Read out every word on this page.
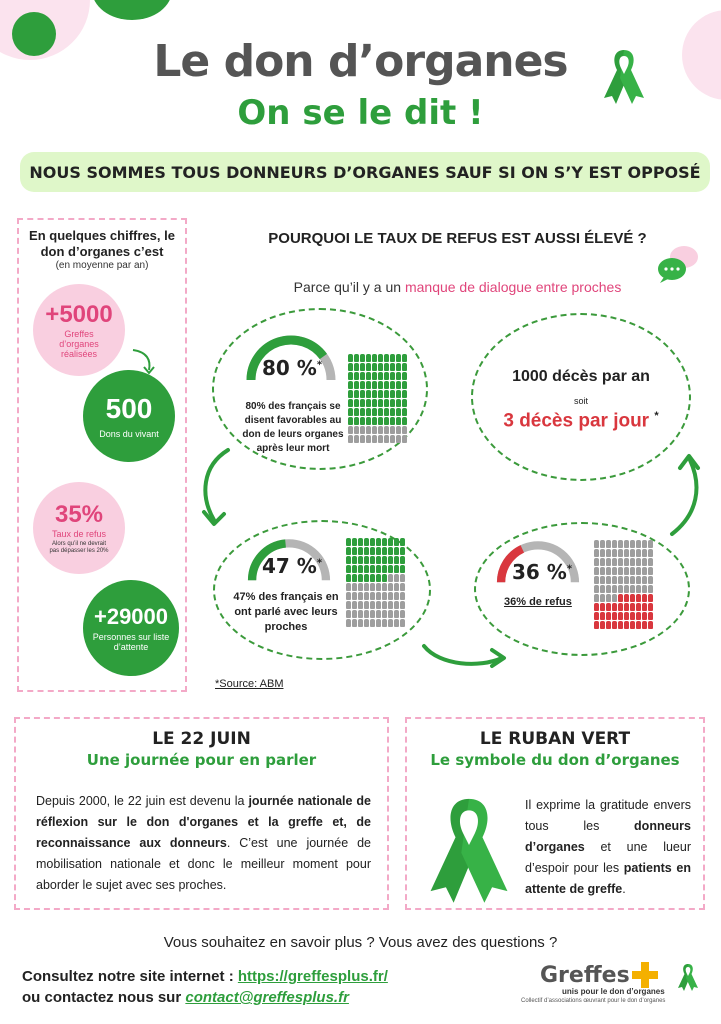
Le don d’organes
On se le dit !
NOUS SOMMES TOUS DONNEURS D’ORGANES SAUF SI ON S’Y EST OPPOSÉ
En quelques chiffres, le don d’organes c’est
(en moyenne par an)
+5000
Greffes d’organes réalisées
500
Dons du vivant
35%
Taux de refus
Alors qu’il ne devrait pas dépasser les 20%
+29000
Personnes sur liste d’attente
POURQUOI LE TAUX DE REFUS EST AUSSI ÉLEVÉ ?
Parce qu’il y a un manque de dialogue entre proches
80 %*
80% des français se disent favorables au don de leurs organes après leur mort
1000 décès par an
soit
3 décès par jour *
47 %*
47% des français en ont parlé avec leurs proches
36 %*
36% de refus
*Source: ABM
LE 22 JUIN
Une journée pour en parler

Depuis 2000, le 22 juin est devenu la journée nationale de réflexion sur le don d'organes et la greffe et, de reconnaissance aux donneurs. C’est une journée de mobilisation nationale et donc le meilleur moment pour aborder le sujet avec ses proches.

LE RUBAN VERT
Le symbole du don d’organes

Il exprime la gratitude envers tous les donneurs d’organes et une lueur d’espoir pour les patients en attente de greffe.

Vous souhaitez en savoir plus ? Vous avez des questions ?
Consultez notre site internet : https://greffesplus.fr/
ou contactez nous sur contact@greffesplus.fr
Greffes
unis pour le don d’organes
Collectif d’associations œuvrant pour le don d’organes
